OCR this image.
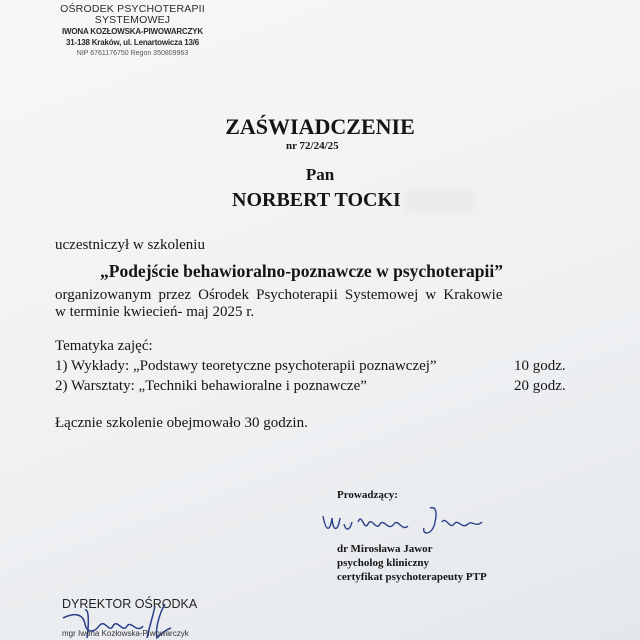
OŚRODEK PSYCHOTERAPII
SYSTEMOWEJ
IWONA KOZŁOWSKA-PIWOWARCZYK
31-138 Kraków, ul. Lenartowicza 13/6
NIP 6761176750 Regon 350809963
ZAŚWIADCZENIE
nr 72/24/25
Pan
NORBERT TOCKI
uczestniczył w szkoleniu
„Podejście behawioralno-poznawcze w psychoterapii”
organizowanym przez Ośrodek Psychoterapii Systemowej w Krakowie
w terminie kwiecień- maj 2025 r.
Tematyka zajęć:
1) Wykłady: „Podstawy teoretyczne psychoterapii poznawczej”	10 godz.
2) Warsztaty: „Techniki behawioralne i poznawcze”	20 godz.
Łącznie szkolenie obejmowało 30 godzin.
Prowadzący:
dr Mirosława Jawor
psycholog kliniczny
certyfikat psychoterapeuty PTP
DYREKTOR OŚRODKA
mgr Iwona Kozłowska-Piwowarczyk
